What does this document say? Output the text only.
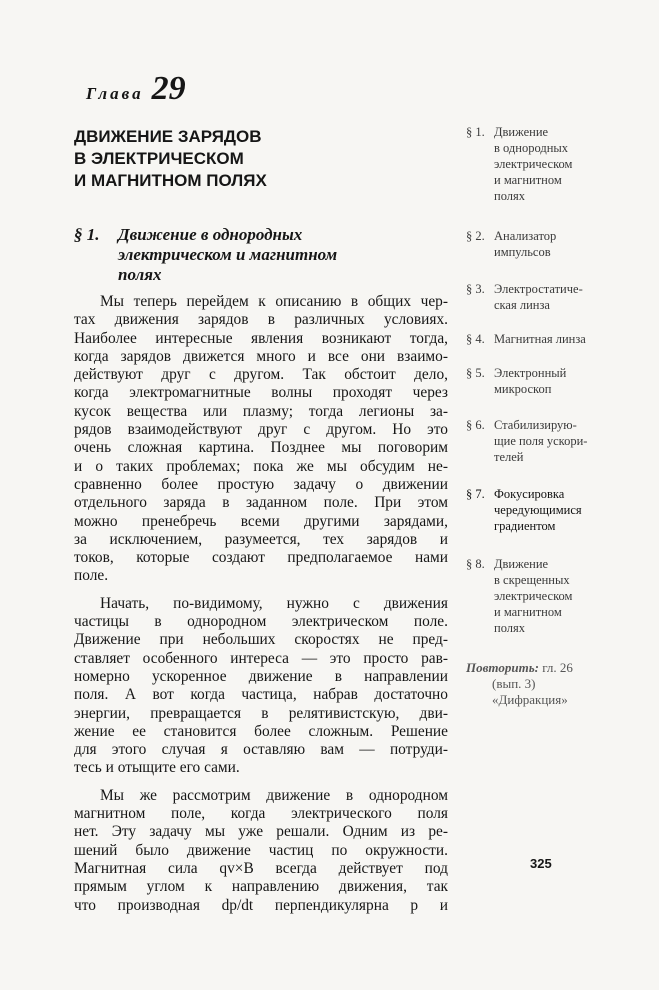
Глава 29
ДВИЖЕНИЕ ЗАРЯДОВ
В ЭЛЕКТРИЧЕСКОМ
И МАГНИТНОМ ПОЛЯХ
§ 1. Движение в однородных
электрическом и магнитном
полях
Мы теперь перейдем к описанию в общих чер-
тах движения зарядов в различных условиях.
Наиболее интересные явления возникают тогда,
когда зарядов движется много и все они взаимо-
действуют друг с другом. Так обстоит дело,
когда электромагнитные волны проходят через
кусок вещества или плазму; тогда легионы за-
рядов взаимодействуют друг с другом. Но это
очень сложная картина. Позднее мы поговорим
и о таких проблемах; пока же мы обсудим не-
сравненно более простую задачу о движении
отдельного заряда в заданном поле. При этом
можно пренебречь всеми другими зарядами,
за исключением, разумеется, тех зарядов и
токов, которые создают предполагаемое нами
поле.
Начать, по-видимому, нужно с движения
частицы в однородном электрическом поле.
Движение при небольших скоростях не пред-
ставляет особенного интереса — это просто рав-
номерно ускоренное движение в направлении
поля. А вот когда частица, набрав достаточно
энергии, превращается в релятивистскую, дви-
жение ее становится более сложным. Решение
для этого случая я оставляю вам — потруди-
тесь и отыщите его сами.
Мы же рассмотрим движение в однородном
магнитном поле, когда электрического поля
нет. Эту задачу мы уже решали. Одним из ре-
шений было движение частиц по окружности.
Магнитная сила qv×B всегда действует под
прямым углом к направлению движения, так
что производная dp/dt перпендикулярна p и
§ 1. Движение
в однородных
электрическом
и магнитном
полях
§ 2. Анализатор
импульсов
§ 3. Электростатиче-
ская линза
§ 4. Магнитная линза
§ 5. Электронный
микроскоп
§ 6. Стабилизирую-
щие поля ускори-
телей
§ 7. Фокусировка
чередующимися
градиентом
§ 8. Движение
в скрещенных
электрическом
и магнитном
полях
Повторить: гл. 26
(вып. 3)
«Дифракция»
325
